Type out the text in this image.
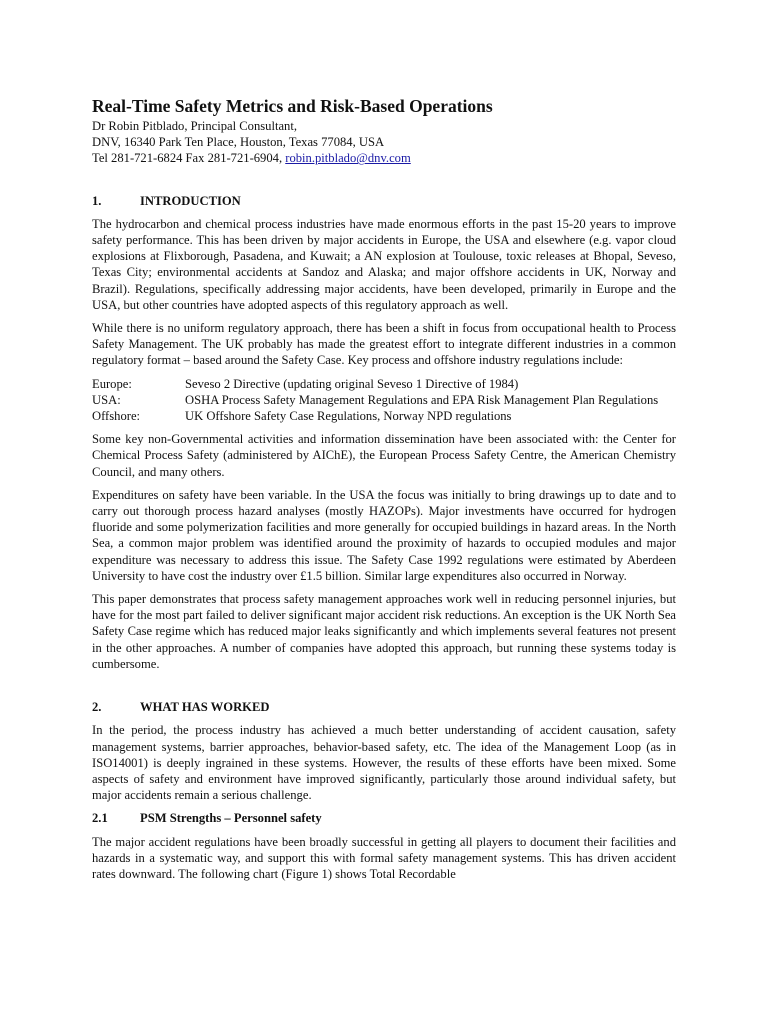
Real-Time Safety Metrics and Risk-Based Operations
Dr Robin Pitblado, Principal Consultant,
DNV, 16340 Park Ten Place, Houston, Texas 77084, USA
Tel 281-721-6824 Fax 281-721-6904, robin.pitblado@dnv.com
1.	INTRODUCTION

The hydrocarbon and chemical process industries have made enormous efforts in the past 15-20 years to improve safety performance. This has been driven by major accidents in Europe, the USA and elsewhere (e.g. vapor cloud explosions at Flixborough, Pasadena, and Kuwait; a AN explosion at Toulouse, toxic releases at Bhopal, Seveso, Texas City; environmental accidents at Sandoz and Alaska; and major offshore accidents in UK, Norway and Brazil). Regulations, specifically addressing major accidents, have been developed, primarily in Europe and the USA, but other countries have adopted aspects of this regulatory approach as well.

While there is no uniform regulatory approach, there has been a shift in focus from occupational health to Process Safety Management. The UK probably has made the greatest effort to integrate different industries in a common regulatory format – based around the Safety Case. Key process and offshore industry regulations include:

Europe:	Seveso 2 Directive (updating original Seveso 1 Directive of 1984)
USA:	OSHA Process Safety Management Regulations and EPA Risk Management Plan Regulations
Offshore:	UK Offshore Safety Case Regulations, Norway NPD regulations

Some key non-Governmental activities and information dissemination have been associated with: the Center for Chemical Process Safety (administered by AIChE), the European Process Safety Centre, the American Chemistry Council, and many others.

Expenditures on safety have been variable. In the USA the focus was initially to bring drawings up to date and to carry out thorough process hazard analyses (mostly HAZOPs). Major investments have occurred for hydrogen fluoride and some polymerization facilities and more generally for occupied buildings in hazard areas. In the North Sea, a common major problem was identified around the proximity of hazards to occupied modules and major expenditure was necessary to address this issue. The Safety Case 1992 regulations were estimated by Aberdeen University to have cost the industry over £1.5 billion. Similar large expenditures also occurred in Norway.

This paper demonstrates that process safety management approaches work well in reducing personnel injuries, but have for the most part failed to deliver significant major accident risk reductions. An exception is the UK North Sea Safety Case regime which has reduced major leaks significantly and which implements several features not present in the other approaches. A number of companies have adopted this approach, but running these systems today is cumbersome.

2.	WHAT HAS WORKED

In the period, the process industry has achieved a much better understanding of accident causation, safety management systems, barrier approaches, behavior-based safety, etc. The idea of the Management Loop (as in ISO14001) is deeply ingrained in these systems. However, the results of these efforts have been mixed. Some aspects of safety and environment have improved significantly, particularly those around individual safety, but major accidents remain a serious challenge.

2.1	PSM Strengths – Personnel safety

The major accident regulations have been broadly successful in getting all players to document their facilities and hazards in a systematic way, and support this with formal safety management systems. This has driven accident rates downward. The following chart (Figure 1) shows Total Recordable
